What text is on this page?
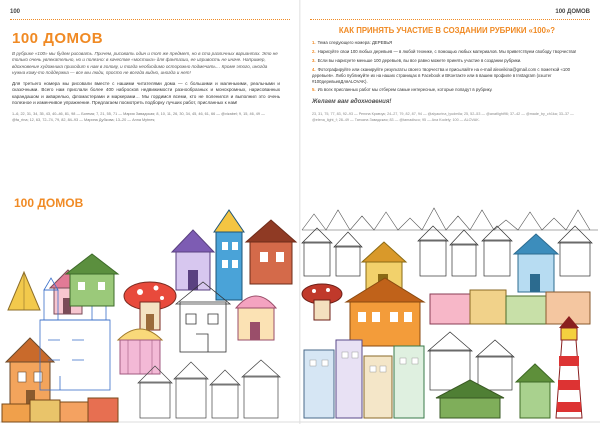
100
100 ДОМОВ

В рубрике «100» мы будем рисовать. Причем, рисовать один и тот же предмет, но в ста различных вариантах. Это не только очень увлекательно, но и полезно: в качестве «мостика» для фантазии, ее игривость не иначе. Например, вдохновение художника приходит к нам в голову, и тогда необходимо осторожно подмечать… Кроме этого, иногда нужна кому-то поддержка — все мы люди, просто не всегда видно, иногда и нет!

Для третьего номера мы рисовали вместе с нашими читателями дома — с большими и маленькими, реальными и сказочными. Всего нам прислали более 400 набросков недвижимости разнообразных и монохромных, нарисованных карандашом и акварелью, фломастерами и маркерами… Мы гордимся всеми, кто не поленился и выполнил это очень полезное и изменчивое упражнение. Предлагаем посмотреть подборку лучших работ, присланных к нам!

1–6, 22, 31, 34, 35, 43, 40–46, 81, 98 — Богема; 7, 21, 55, 71 — Мария Завадская; 8, 10, 11, 26, 30, 34, 45, 46, 61, 66 — @vizabel; 9, 15, 46, 49 — @fa_rina; 12, 63, 72–74, 79, 82, 84–93 — Марина Дубкова; 13–20 — Anna Mytnes;

100 ДОМОВ
100 ДОМОВ
КАК ПРИНЯТЬ УЧАСТИЕ В СОЗДАНИИ РУБРИКИ «100»?
1. Тема следующего номера: ДЕРЕВЬЯ
2. Нарисуйте свои 100 любых деревьев — в любой технике, с помощью любых материалов. Мы приветствуем свободу творчества!
3. Если вы нарисуете меньше 100 деревьев, вы все равно можете принять участие в создании рубрики.
4. Фотографируйте или сканируйте результаты своего творчества и присылайте на e-mail alexeikina@gmail.com с пометкой «100 деревьев». Либо публикуйте их на наших страницах в Facebook и ВКонтакте или в вашем профиле в Instagram (хэштег #100деревьевДляALOVAK).
5. Из всех присланных работ мы отберем самые интересные, которые попадут в рубрику.
Желаем вам вдохновения!

23, 31, 75, 77, 83, 92–93 — Регина Кравчук; 24–27, 79, 82, 87, 94 — @alyaurina_lyudmila; 25, 52–53 — @anatlight96; 37–42 — @made_by_ch1ka; 33–37 — @elena_light_f; 28–49 — Татьяна Завадская; 83 — @tamadisco; 95 — Ana Kodely; 100 — ALOVAK.
